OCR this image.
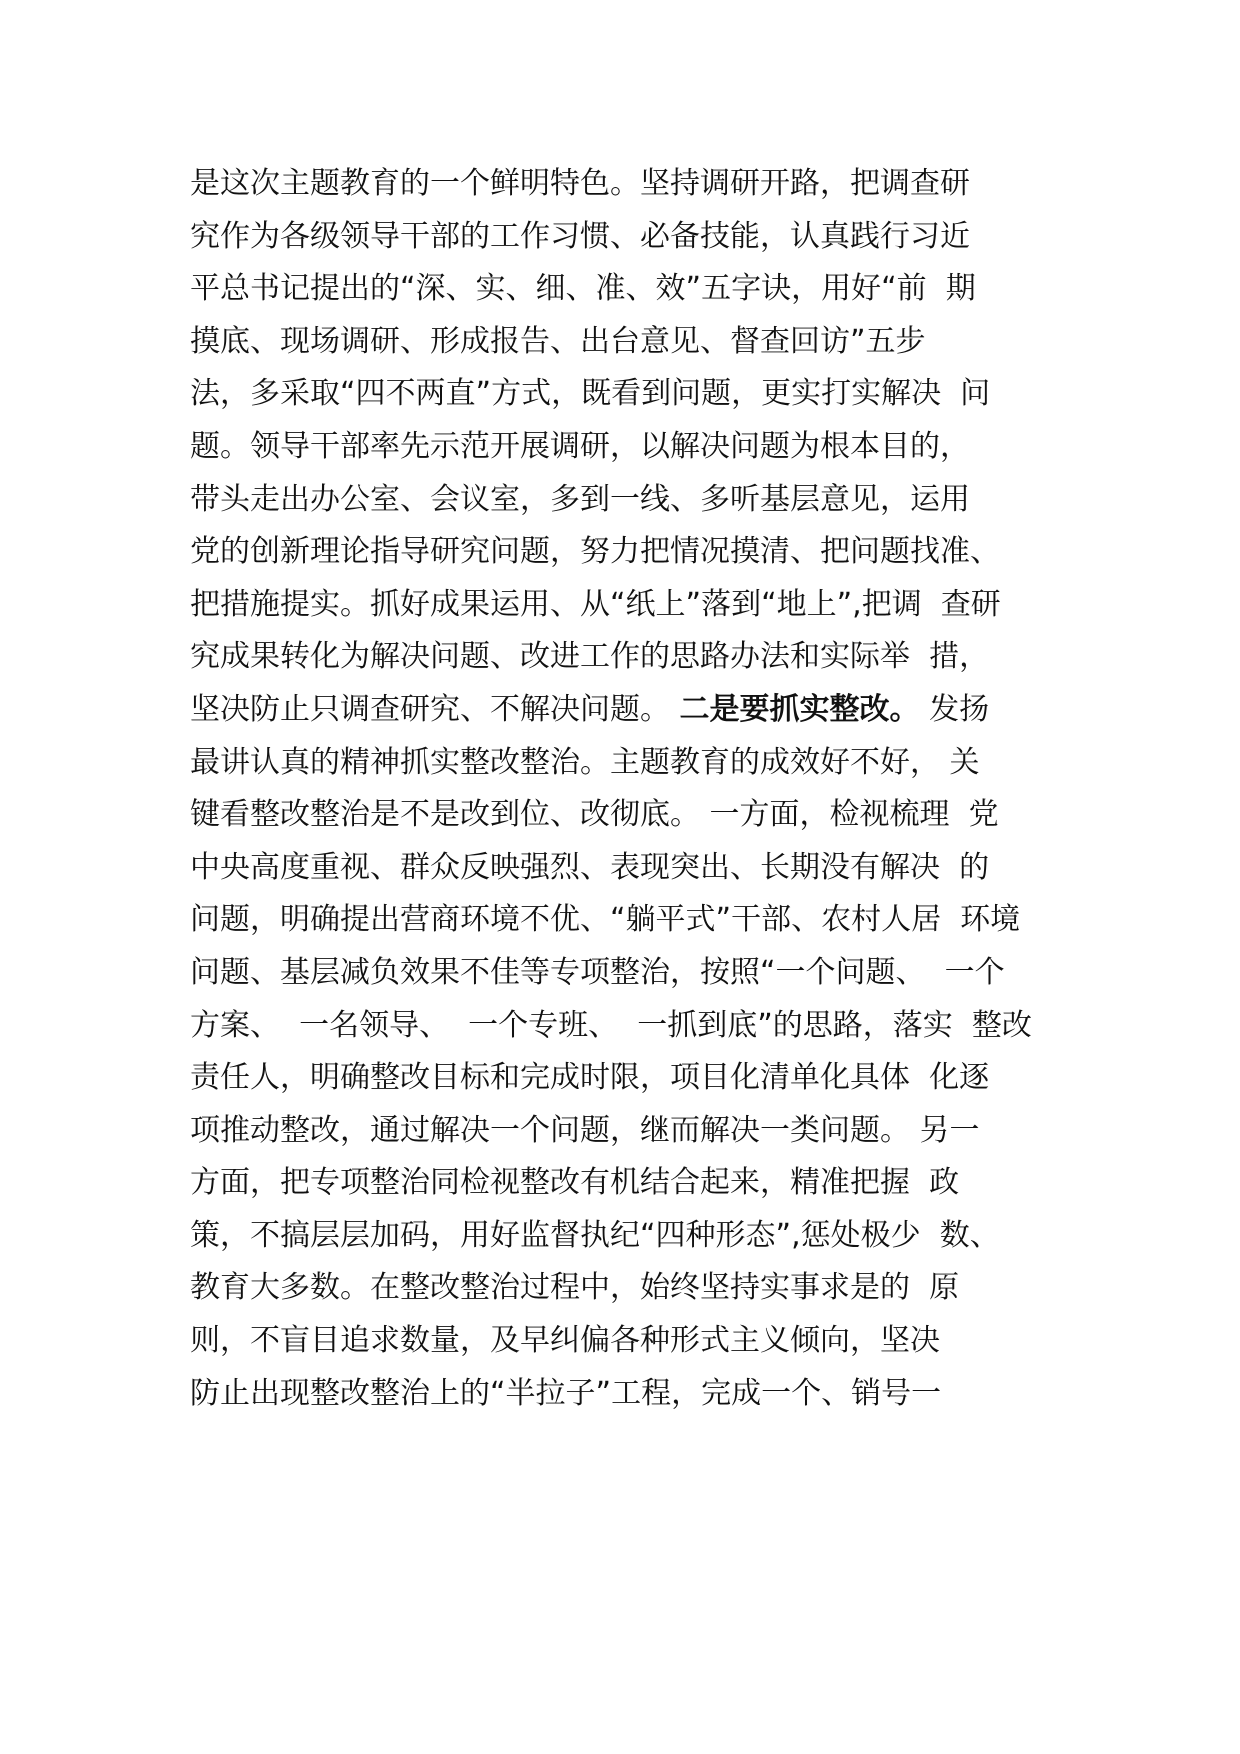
是这次主题教育的一个鲜明特色。坚持调研开路，把调查研
究作为各级领导干部的工作习惯、必备技能，认真践行习近
平总书记提出的“深、实、细、准、效”五字诀，用好“前  期
摸底、现场调研、形成报告、出台意见、督查回访”五步
法，多采取“四不两直”方式，既看到问题，更实打实解决  问
题。领导干部率先示范开展调研，以解决问题为根本目的，
带头走出办公室、会议室，多到一线、多听基层意见，运用
党的创新理论指导研究问题，努力把情况摸清、把问题找准、
把措施提实。抓好成果运用、从“纸上”落到“地上”,把调  查研
究成果转化为解决问题、改进工作的思路办法和实际举  措，
坚决防止只调查研究、不解决问题。 二是要抓实整改。 发扬
最讲认真的精神抓实整改整治。主题教育的成效好不好， 关
键看整改整治是不是改到位、改彻底。 一方面，检视梳理  党
中央高度重视、群众反映强烈、表现突出、长期没有解决  的
问题，明确提出营商环境不优、“躺平式”干部、农村人居  环境
问题、基层减负效果不佳等专项整治，按照“一个问题、  一个
方案、  一名领导、  一个专班、  一抓到底”的思路，落实  整改
责任人，明确整改目标和完成时限，项目化清单化具体  化逐
项推动整改，通过解决一个问题，继而解决一类问题。 另一
方面，把专项整治同检视整改有机结合起来，精准把握  政
策，不搞层层加码，用好监督执纪“四种形态”,惩处极少  数、
教育大多数。在整改整治过程中，始终坚持实事求是的  原
则，不盲目追求数量，及早纠偏各种形式主义倾向，坚决
防止出现整改整治上的“半拉子”工程，完成一个、销号一
